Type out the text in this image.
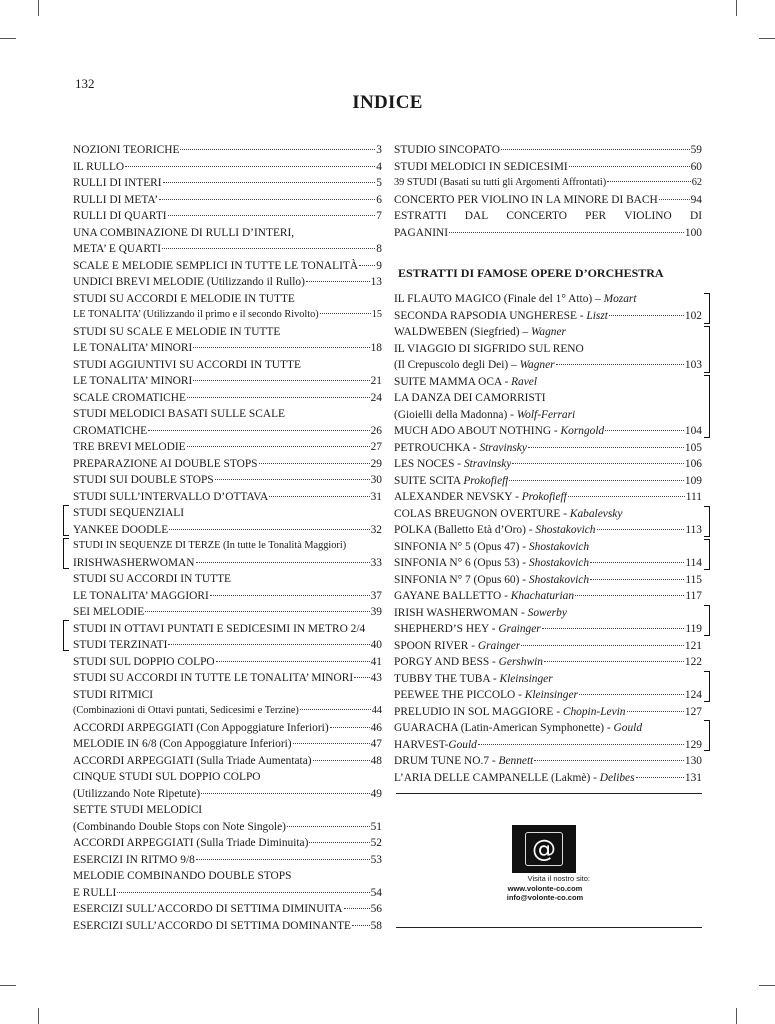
132
INDICE
NOZIONI TEORICHE	3
IL RULLO	4
RULLI DI INTERI	5
RULLI DI META’	6
RULLI DI QUARTI	7
UNA COMBINAZIONE DI RULLI D’INTERI,
META’ E QUARTI	8
SCALE E MELODIE SEMPLICI IN TUTTE LE TONALITÀ 9
UNDICI BREVI MELODIE (Utilizzando il Rullo)	13
STUDI SU ACCORDI E MELODIE IN TUTTE
LE TONALITA’ (Utilizzando il primo e il secondo Rivolto)	15
STUDI SU SCALE E MELODIE IN TUTTE
LE TONALITA’ MINORI	18
STUDI AGGIUNTIVI SU ACCORDI IN TUTTE
LE TONALITA’ MINORI	21
SCALE CROMATICHE	24
STUDI MELODICI BASATI SULLE SCALE
CROMATICHE	26
TRE BREVI MELODIE	27
PREPARAZIONE AI DOUBLE STOPS	29
STUDI SUI DOUBLE STOPS	30
STUDI SULL’INTERVALLO D’OTTAVA	31
STUDI SEQUENZIALI
YANKEE DOODLE	32
STUDI IN SEQUENZE DI TERZE (In tutte le Tonalità Maggiori)
IRISHWASHERWOMAN	33
STUDI SU ACCORDI IN TUTTE
LE TONALITA’ MAGGIORI	37
SEI MELODIE	39
STUDI IN OTTAVI PUNTATI E SEDICESIMI IN METRO 2/4
STUDI TERZINATI	40
STUDI SUL DOPPIO COLPO	41
STUDI SU ACCORDI IN TUTTE LE TONALITA’ MINORI 43
STUDI RITMICI
(Combinazioni di Ottavi puntati, Sedicesimi e Terzine)	44
ACCORDI ARPEGGIATI (Con Appoggiature Inferiori)	46
MELODIE IN 6/8 (Con Appoggiature Inferiori)	47
ACCORDI ARPEGGIATI (Sulla Triade Aumentata)	48
CINQUE STUDI SUL DOPPIO COLPO
(Utilizzando Note Ripetute)	49
SETTE STUDI MELODICI
(Combinando Double Stops con Note Singole)	51
ACCORDI ARPEGGIATI (Sulla Triade Diminuita)	52
ESERCIZI IN RITMO 9/8	53
MELODIE COMBINANDO DOUBLE STOPS
E RULLI	54
ESERCIZI SULL’ACCORDO DI SETTIMA DIMINUITA 56
ESERCIZI SULL’ACCORDO DI SETTIMA DOMINANTE 58
STUDIO SINCOPATO	59
STUDI MELODICI IN SEDICESIMI	60
39 STUDI (Basati su tutti gli Argomenti Affrontati)	62
CONCERTO PER VIOLINO IN LA MINORE DI BACH	94
ESTRATTI DAL CONCERTO PER VIOLINO DI
PAGANINI	100
ESTRATTI DI FAMOSE OPERE D’ORCHESTRA
IL FLAUTO MAGICO (Finale del 1° Atto) – Mozart
SECONDA RAPSODIA UNGHERESE - Liszt	102
WALDWEBEN (Siegfried) – Wagner
IL VIAGGIO DI SIGFRIDO SUL RENO
(Il Crepuscolo degli Dei) – Wagner	103
SUITE MAMMA OCA - Ravel
LA DANZA DEI CAMORRISTI
(Gioielli della Madonna) - Wolf-Ferrari
MUCH ADO ABOUT NOTHING - Korngold	104
PETROUCHKA - Stravinsky	105
LES NOCES - Stravinsky	106
SUITE SCITA Prokofieff	109
ALEXANDER NEVSKY - Prokofieff	111
COLAS BREUGNON OVERTURE - Kabalevsky
POLKA (Balletto Età d’Oro) - Shostakovich	113
SINFONIA N° 5 (Opus 47) - Shostakovich
SINFONIA N° 6 (Opus 53) - Shostakovich	114
SINFONIA N° 7 (Opus 60) - Shostakovich	115
GAYANE BALLETTO - Khachaturian	117
IRISH WASHERWOMAN - Sowerby
SHEPHERD’S HEY - Grainger	119
SPOON RIVER - Grainger	121
PORGY AND BESS - Gershwin	122
TUBBY THE TUBA - Kleinsinger
PEEWEE THE PICCOLO - Kleinsinger	124
PRELUDIO IN SOL MAGGIORE - Chopin-Levin	127
GUARACHA (Latin-American Symphonette) - Gould
HARVEST-Gould	129
DRUM TUNE NO.7 - Bennett	130
L’ARIA DELLE CAMPANELLE (Lakmè) - Delibes	131
@
Visita il nostro sito:
www.volonte-co.com
info@volonte-co.com
